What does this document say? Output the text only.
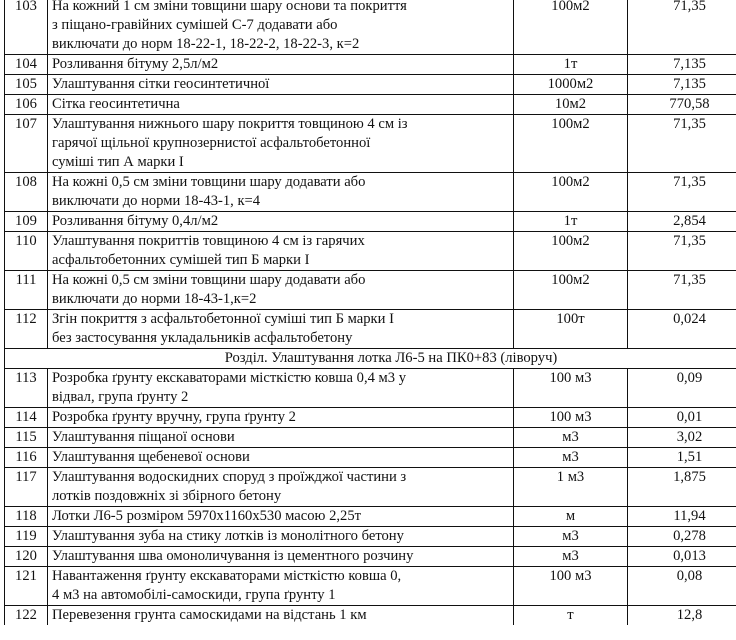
103	На кожний 1 см зміни товщини шару основи та покриття
з піщано-гравійних сумішей С-7 додавати або
виключати до норм 18-22-1, 18-22-2, 18-22-3, к=2	100м2	71,35
104	Розливання бітуму 2,5л/м2	1т	7,135
105	Улаштування сітки геосинтетичної	1000м2	7,135
106	Сітка геосинтетична	10м2	770,58
107	Улаштування нижнього шару покриття товщиною 4 см із
гарячої щільної крупнозернистої асфальтобетонної
суміші тип А марки І	100м2	71,35
108	На кожні 0,5 см зміни товщини шару додавати або
виключати до норми 18-43-1, к=4	100м2	71,35
109	Розливання бітуму 0,4л/м2	1т	2,854
110	Улаштування покриттів товщиною 4 см із гарячих
асфальтобетонних сумішей тип Б марки І	100м2	71,35
111	На кожні 0,5 см зміни товщини шару додавати або
виключати до норми 18-43-1,к=2	100м2	71,35
112	Згін покриття з асфальтобетонної суміші тип Б марки І
без застосування укладальників асфальтобетону	100т	0,024
Розділ. Улаштування лотка Л6-5 на ПК0+83 (ліворуч)			
113	Розробка ґрунту екскаваторами місткістю ковша 0,4 м3 у
відвал, група ґрунту 2	100 м3	0,09
114	Розробка ґрунту вручну, група ґрунту 2	100 м3	0,01
115	Улаштування піщаної основи	м3	3,02
116	Улаштування щебеневої основи	м3	1,51
117	Улаштування водоскидних споруд з проїжджої частини з
лотків поздовжніх зі збірного бетону	1 м3	1,875
118	Лотки Л6-5 розміром 5970х1160х530 масою 2,25т	м	11,94
119	Улаштування зуба на стику лотків із монолітного бетону	м3	0,278
120	Улаштування шва омоноличування із цементного розчину	м3	0,013
121	Навантаження ґрунту екскаваторами місткістю ковша 0,
4 м3 на автомобілі-самоскиди, група ґрунту 1	100 м3	0,08
122	Перевезення грунта самоскидами на відстань 1 км	т	12,8
